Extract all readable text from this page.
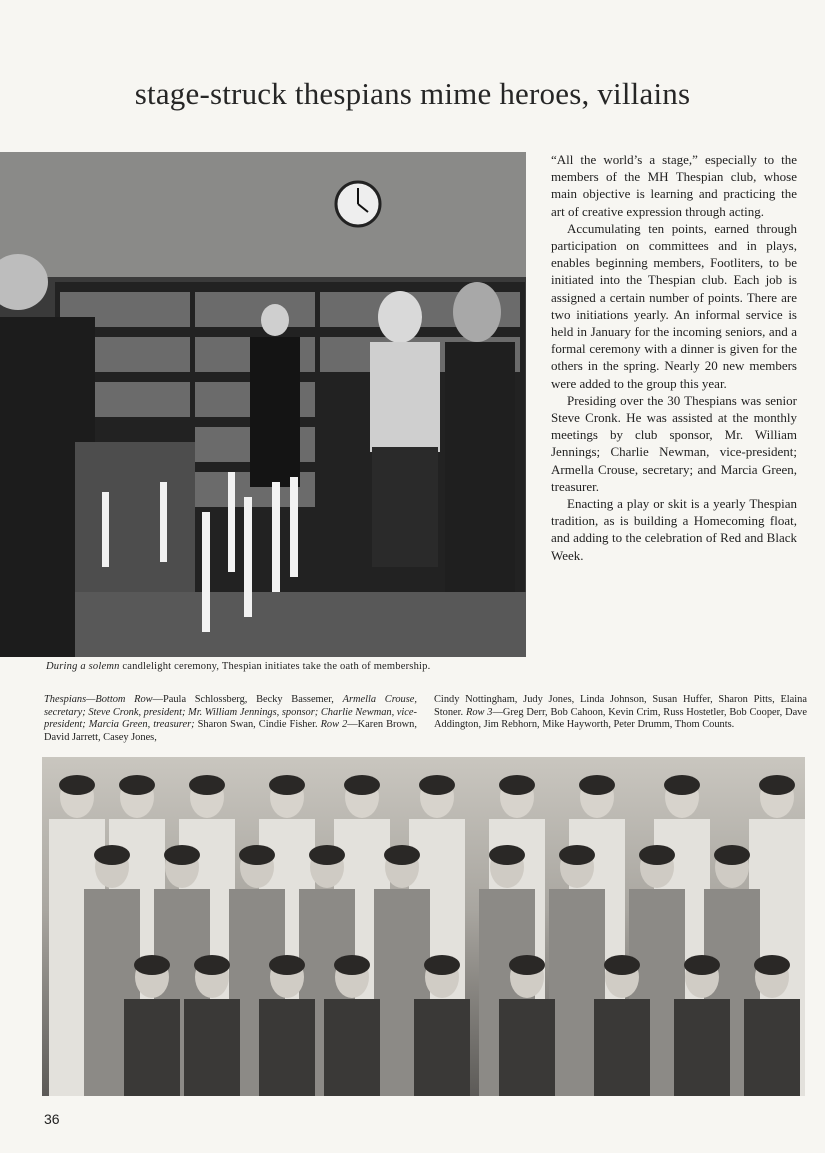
stage-struck thespians mime heroes, villains

“All the world’s a stage,” especially to the members of the MH Thespian club, whose main objective is learning and practicing the art of creative expression through acting.

Accumulating ten points, earned through participation on committees and in plays, enables beginning members, Footliters, to be initiated into the Thespian club. Each job is assigned a certain number of points. There are two initiations yearly. An informal service is held in January for the incoming seniors, and a formal ceremony with a dinner is given for the others in the spring. Nearly 20 new members were added to the group this year.

Presiding over the 30 Thespians was senior Steve Cronk. He was assisted at the monthly meetings by club sponsor, Mr. William Jennings; Charlie Newman, vice-president; Armella Crouse, secretary; and Marcia Green, treasurer.

Enacting a play or skit is a yearly Thespian tradition, as is building a Homecoming float, and adding to the celebration of Red and Black Week.

During a solemn candlelight ceremony, Thespian initiates take the oath of membership.

Thespians—Bottom Row—Paula Schlossberg, Becky Bassemer, Armella Crouse, secretary; Steve Cronk, president; Mr. William Jennings, sponsor; Charlie Newman, vice-president; Marcia Green, treasurer; Sharon Swan, Cindie Fisher. Row 2—Karen Brown, David Jarrett, Casey Jones,

Cindy Nottingham, Judy Jones, Linda Johnson, Susan Huffer, Sharon Pitts, Elaina Stoner. Row 3—Greg Derr, Bob Cahoon, Kevin Crim, Russ Hostetler, Bob Cooper, Dave Addington, Jim Rebhorn, Mike Hayworth, Peter Drumm, Thom Counts.

36
